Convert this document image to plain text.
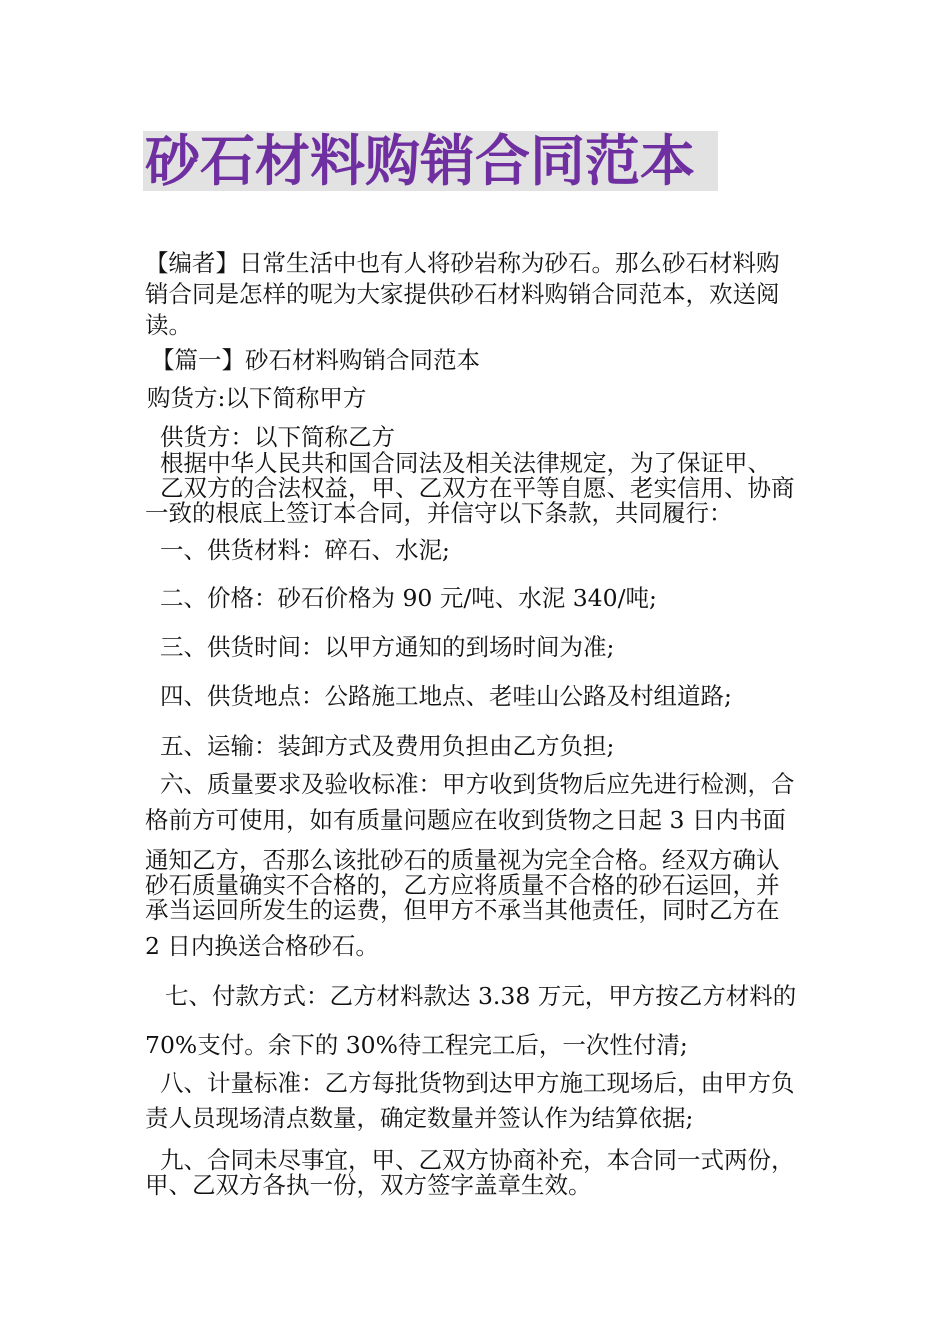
砂石材料购销合同范本
【编者】日常生活中也有人将砂岩称为砂石。那么砂石材料购
销合同是怎样的呢为大家提供砂石材料购销合同范本，欢送阅
读。
【篇一】砂石材料购销合同范本
购货方:以下简称甲方
供货方：以下简称乙方
根据中华人民共和国合同法及相关法律规定，为了保证甲、
乙双方的合法权益，甲、乙双方在平等自愿、老实信用、协商
一致的根底上签订本合同，并信守以下条款，共同履行：
一、供货材料：碎石、水泥;
二、价格：砂石价格为 90 元/吨、水泥 340/吨;
三、供货时间：以甲方通知的到场时间为准;
四、供货地点：公路施工地点、老哇山公路及村组道路;
五、运输：装卸方式及费用负担由乙方负担;
六、质量要求及验收标准：甲方收到货物后应先进行检测，合
格前方可使用，如有质量问题应在收到货物之日起 3 日内书面
通知乙方，否那么该批砂石的质量视为完全合格。经双方确认
砂石质量确实不合格的，乙方应将质量不合格的砂石运回，并
承当运回所发生的运费，但甲方不承当其他责任，同时乙方在
2 日内换送合格砂石。
七、付款方式：乙方材料款达 3.38 万元，甲方按乙方材料的
70%支付。余下的 30%待工程完工后，一次性付清;
八、计量标准：乙方每批货物到达甲方施工现场后，由甲方负
责人员现场清点数量，确定数量并签认作为结算依据;
九、合同未尽事宜，甲、乙双方协商补充，本合同一式两份，
甲、乙双方各执一份，双方签字盖章生效。
